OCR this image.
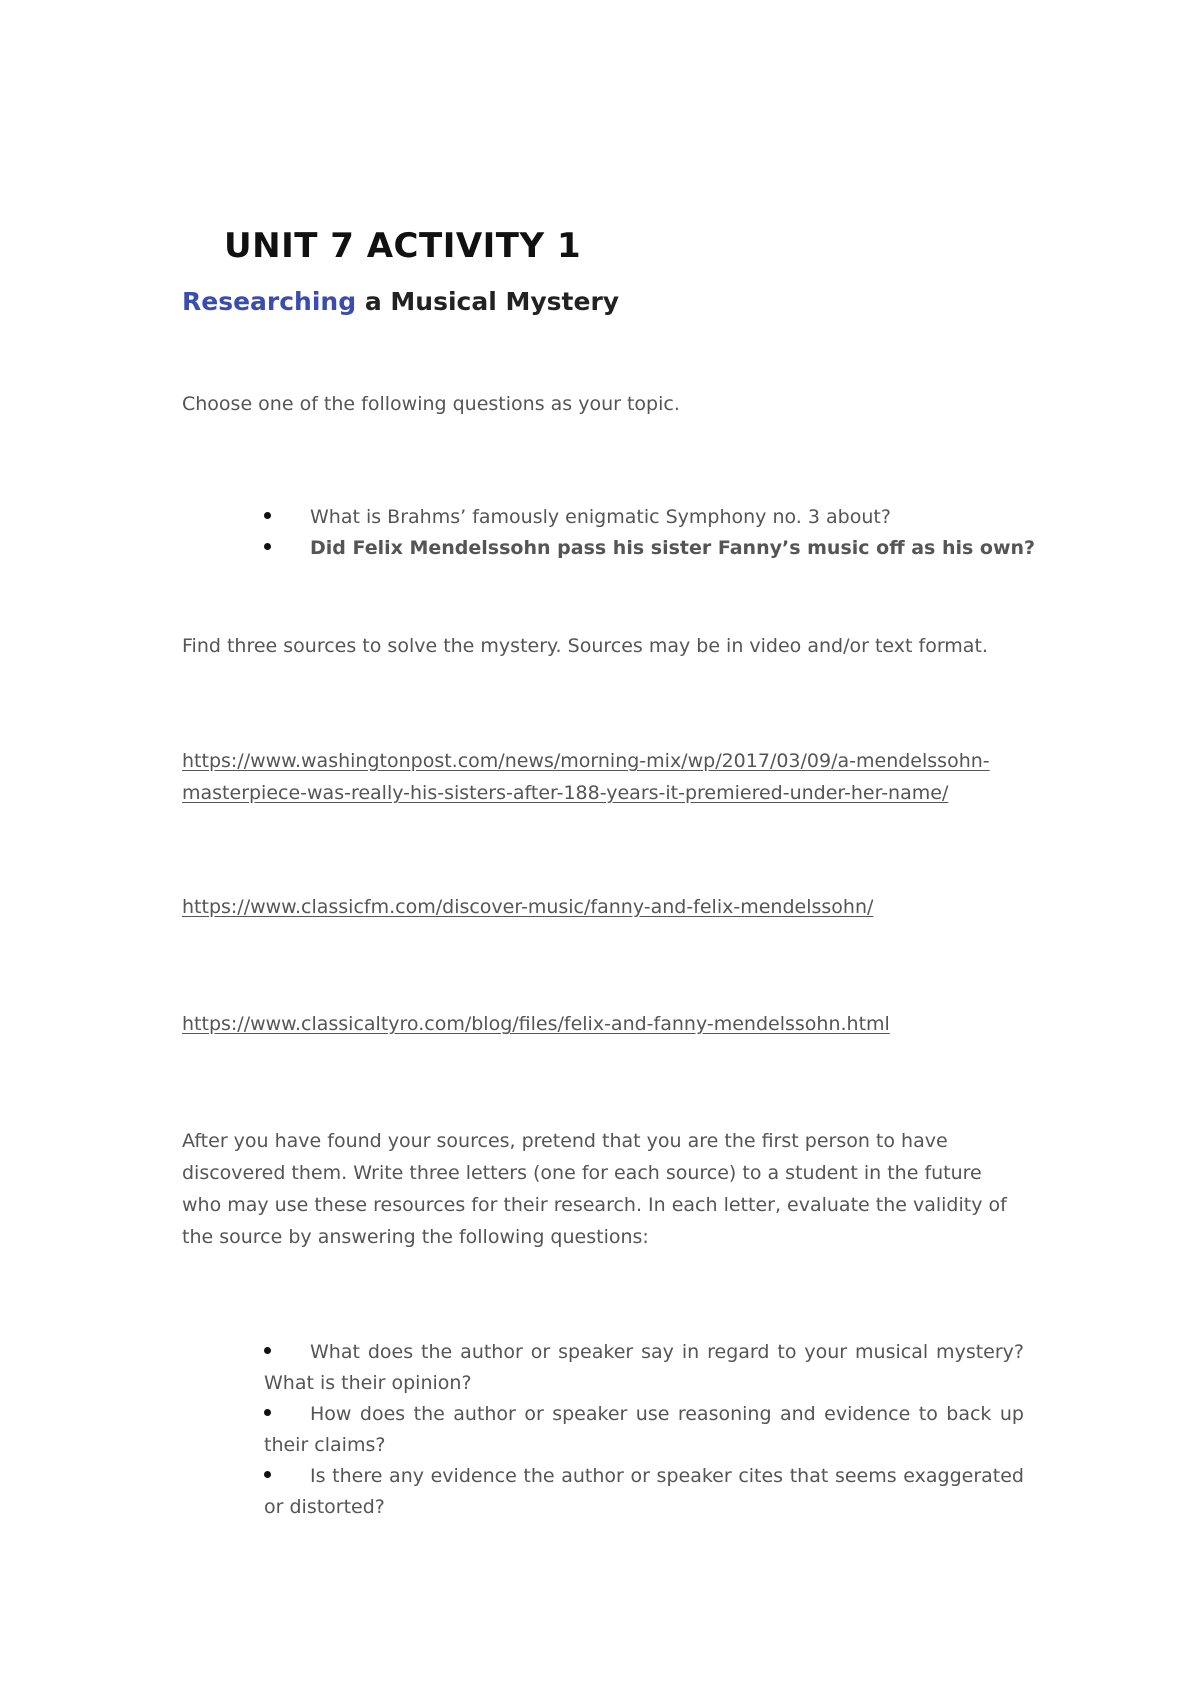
UNIT 7 ACTIVITY 1
Researching a Musical Mystery

Choose one of the following questions as your topic.

What is Brahms’ famously enigmatic Symphony no. 3 about?
Did Felix Mendelssohn pass his sister Fanny’s music off as his own?

Find three sources to solve the mystery. Sources may be in video and/or text format.

https://www.washingtonpost.com/news/morning-mix/wp/2017/03/09/a-mendelssohn-masterpiece-was-really-his-sisters-after-188-years-it-premiered-under-her-name/
https://www.classicfm.com/discover-music/fanny-and-felix-mendelssohn/
https://www.classicaltyro.com/blog/files/felix-and-fanny-mendelssohn.html

After you have found your sources, pretend that you are the first person to have discovered them. Write three letters (one for each source) to a student in the future who may use these resources for their research. In each letter, evaluate the validity of the source by answering the following questions:

What does the author or speaker say in regard to your musical mystery? What is their opinion?
How does the author or speaker use reasoning and evidence to back up their claims?
Is there any evidence the author or speaker cites that seems exaggerated or distorted?
